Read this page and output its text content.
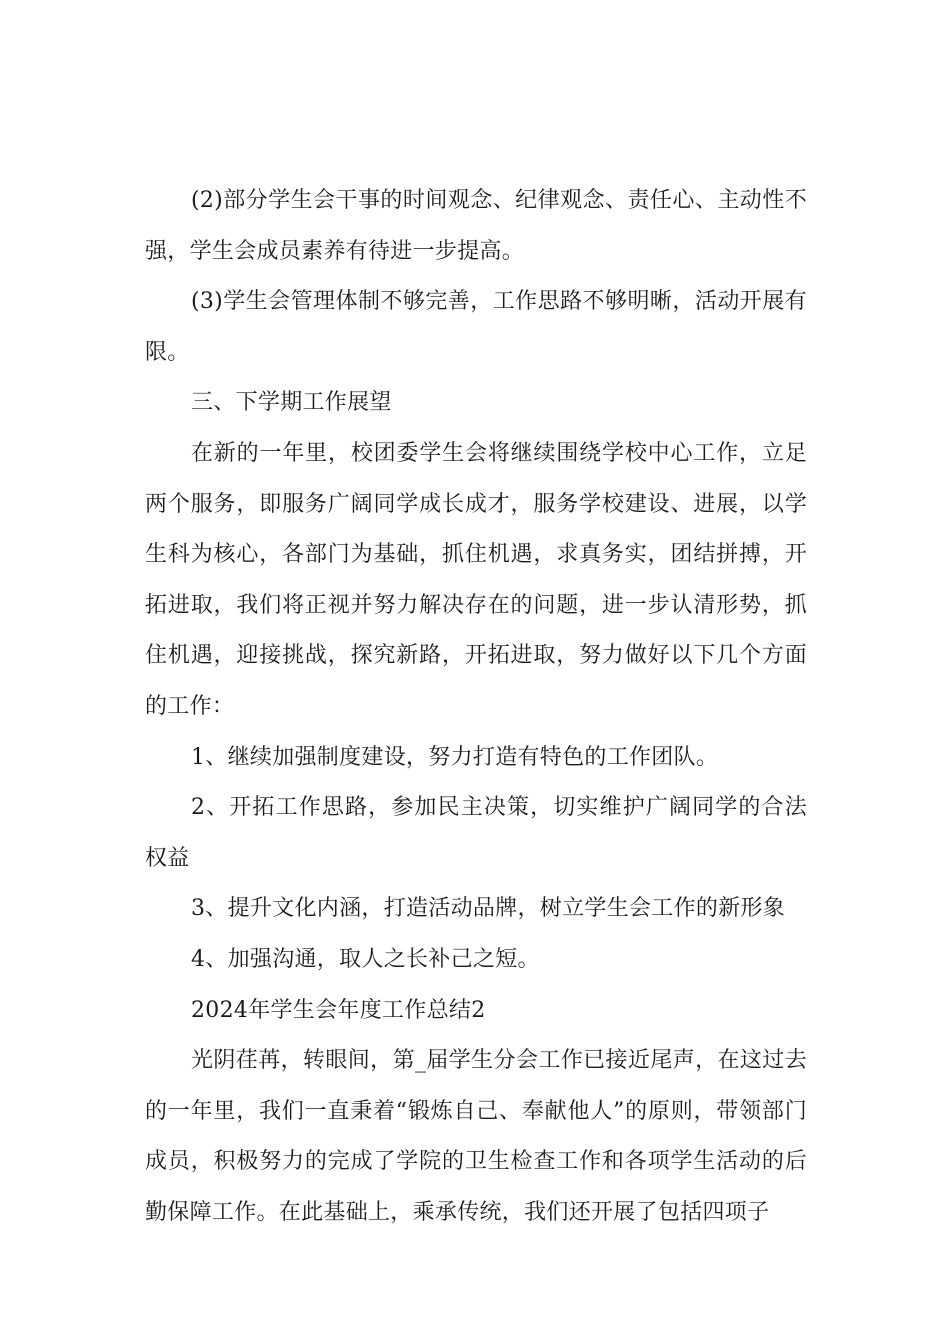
(2)部分学生会干事的时间观念、纪律观念、责任心、主动性不强，学生会成员素养有待进一步提高。

(3)学生会管理体制不够完善，工作思路不够明晰，活动开展有限。

三、下学期工作展望

在新的一年里，校团委学生会将继续围绕学校中心工作，立足两个服务，即服务广阔同学成长成才，服务学校建设、进展，以学生科为核心，各部门为基础，抓住机遇，求真务实，团结拼搏，开拓进取，我们将正视并努力解决存在的问题，进一步认清形势，抓住机遇，迎接挑战，探究新路，开拓进取，努力做好以下几个方面的工作：

1、继续加强制度建设，努力打造有特色的工作团队。

2、开拓工作思路，参加民主决策，切实维护广阔同学的合法权益

3、提升文化内涵，打造活动品牌，树立学生会工作的新形象

4、加强沟通，取人之长补己之短。

2024年学生会年度工作总结2

光阴荏苒，转眼间，第_届学生分会工作已接近尾声，在这过去的一年里，我们一直秉着“锻炼自己、奉献他人”的原则，带领部门成员，积极努力的完成了学院的卫生检查工作和各项学生活动的后勤保障工作。在此基础上，乘承传统，我们还开展了包括四项子
